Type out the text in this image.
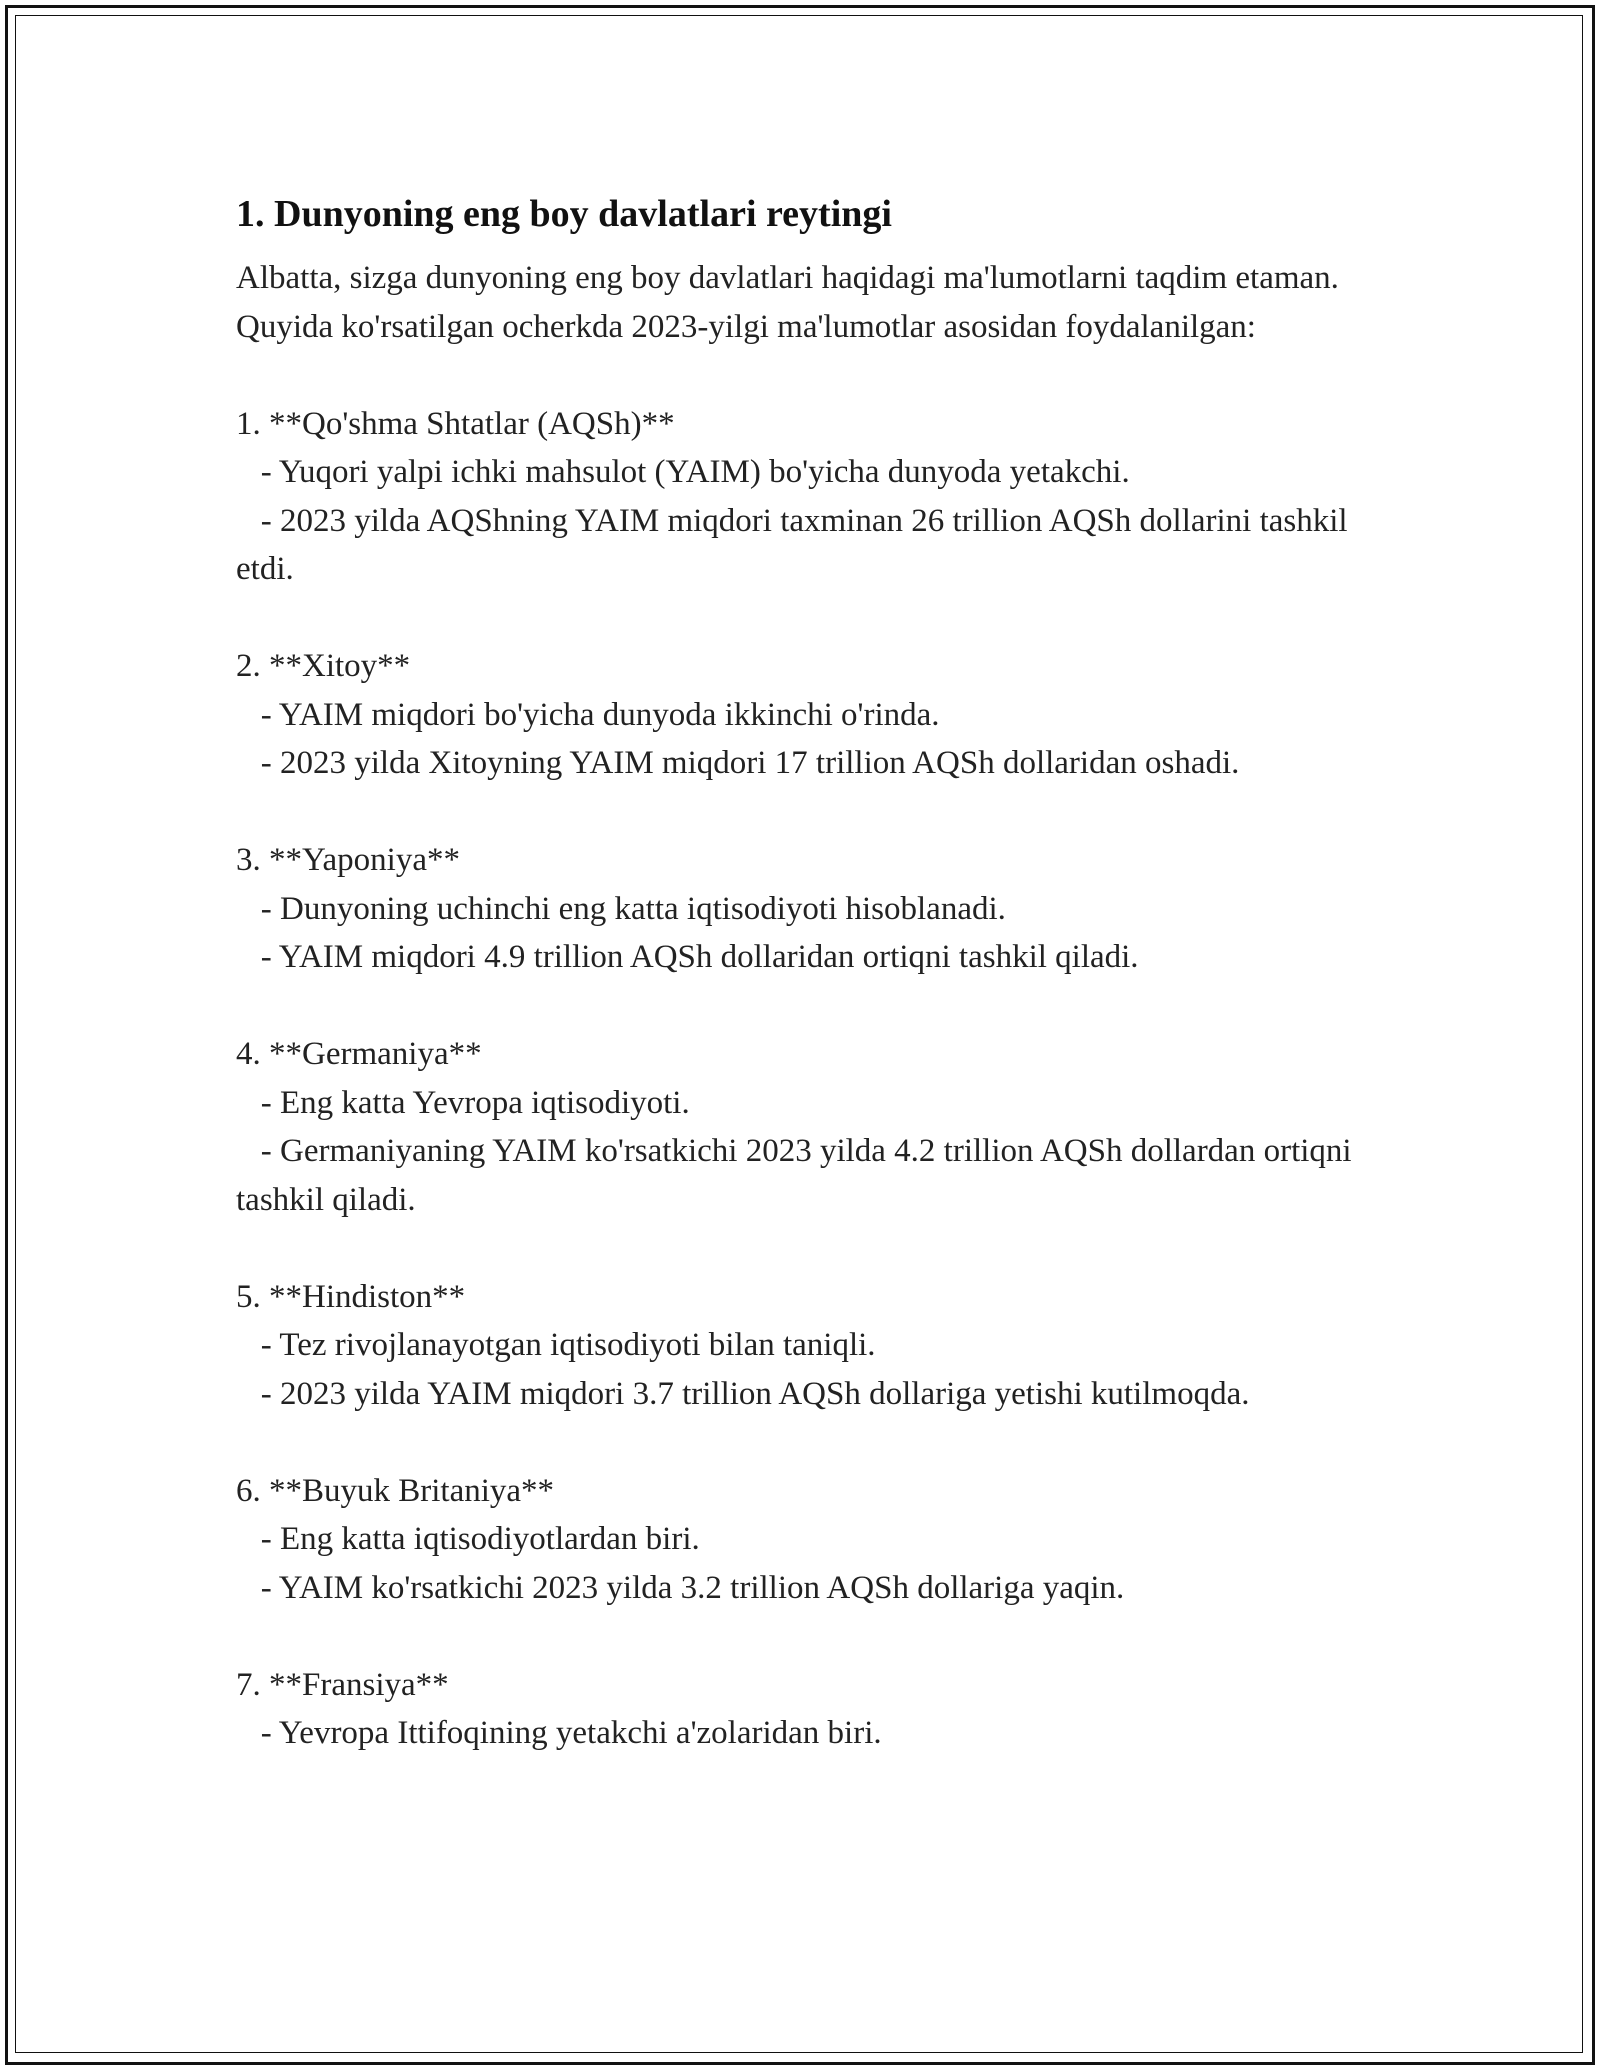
1. Dunyoning eng boy davlatlari reytingi

Albatta, sizga dunyoning eng boy davlatlari haqidagi ma'lumotlarni taqdim etaman. Quyida ko'rsatilgan ocherkda 2023-yilgi ma'lumotlar asosidan foydalanilgan:

1. **Qo'shma Shtatlar (AQSh)**
- Yuqori yalpi ichki mahsulot (YAIM) bo'yicha dunyoda yetakchi.
- 2023 yilda AQShning YAIM miqdori taxminan 26 trillion AQSh dollarini tashkil etdi.
2. **Xitoy**
- YAIM miqdori bo'yicha dunyoda ikkinchi o'rinda.
- 2023 yilda Xitoyning YAIM miqdori 17 trillion AQSh dollaridan oshadi.
3. **Yaponiya**
- Dunyoning uchinchi eng katta iqtisodiyoti hisoblanadi.
- YAIM miqdori 4.9 trillion AQSh dollaridan ortiqni tashkil qiladi.
4. **Germaniya**
- Eng katta Yevropa iqtisodiyoti.
- Germaniyaning YAIM ko'rsatkichi 2023 yilda 4.2 trillion AQSh dollardan ortiqni tashkil qiladi.
5. **Hindiston**
- Tez rivojlanayotgan iqtisodiyoti bilan taniqli.
- 2023 yilda YAIM miqdori 3.7 trillion AQSh dollariga yetishi kutilmoqda.
6. **Buyuk Britaniya**
- Eng katta iqtisodiyotlardan biri.
- YAIM ko'rsatkichi 2023 yilda 3.2 trillion AQSh dollariga yaqin.
7. **Fransiya**
- Yevropa Ittifoqining yetakchi a'zolaridan biri.
